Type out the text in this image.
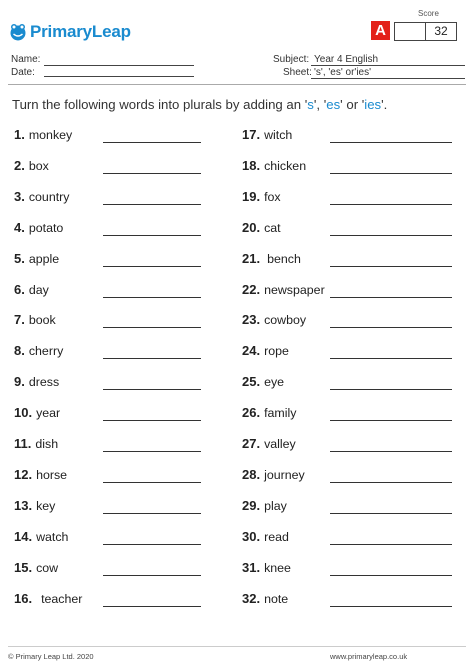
PrimaryLeap
Score
A	32
Name:
Date:
Subject: Year 4 English
Sheet: 's', 'es' or'ies'
Turn the following words into plurals by adding an 's', 'es' or 'ies'.
1. monkey
2. box
3. country
4. potato
5. apple
6. day
7. book
8. cherry
9. dress
10. year
11. dish
12. horse
13. key
14. watch
15. cow
16. teacher
17. witch
18. chicken
19. fox
20. cat
21. bench
22. newspaper
23. cowboy
24. rope
25. eye
26. family
27. valley
28. journey
29. play
30. read
31. knee
32. note
© Primary Leap Ltd. 2020	www.primaryleap.co.uk
